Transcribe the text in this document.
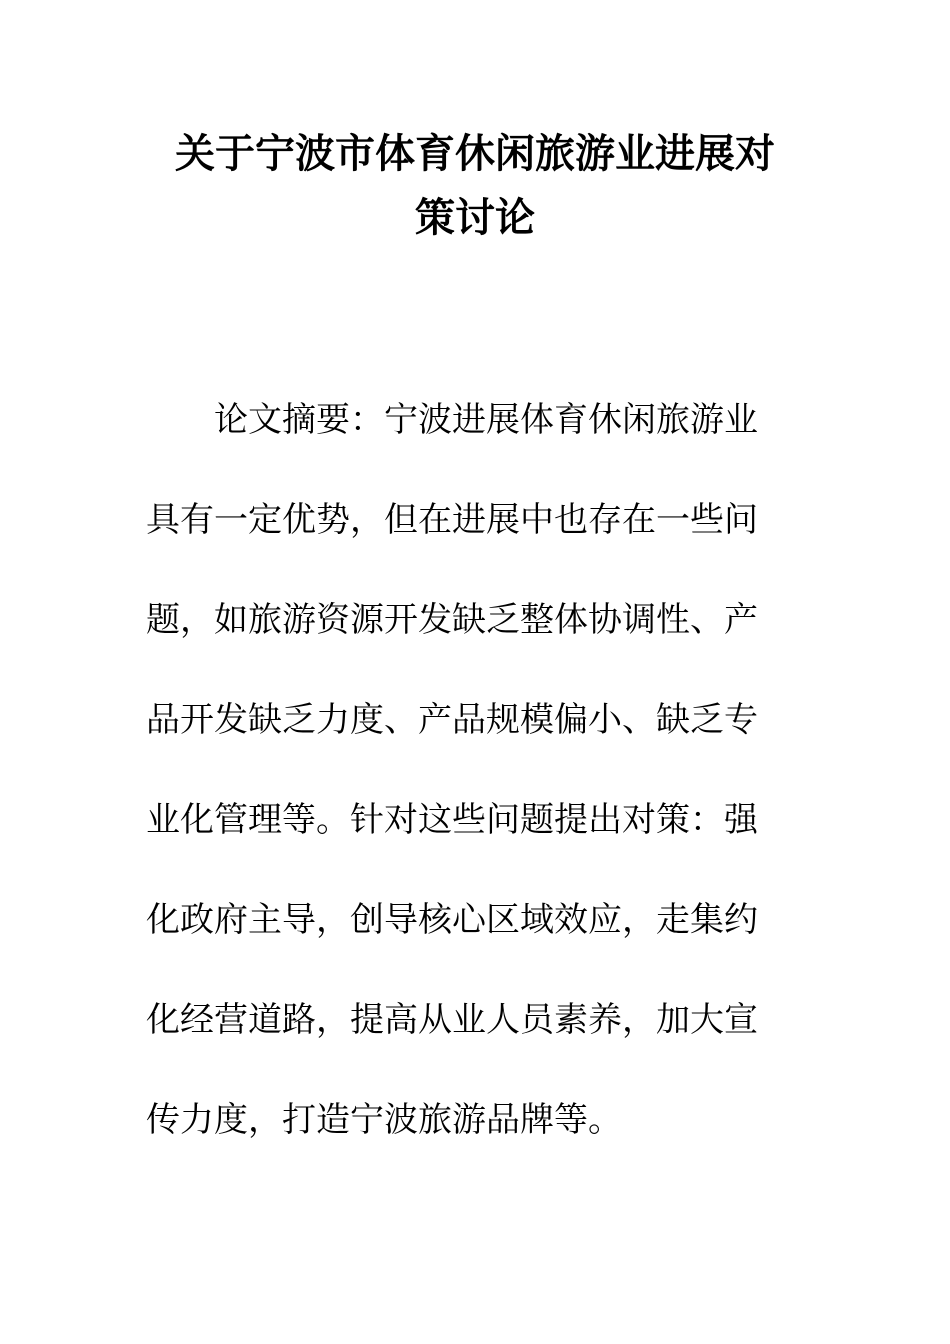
关于宁波市体育休闲旅游业进展对
策讨论
论文摘要：宁波进展体育休闲旅游业
具有一定优势，但在进展中也存在一些问
题，如旅游资源开发缺乏整体协调性、产
品开发缺乏力度、产品规模偏小、缺乏专
业化管理等。针对这些问题提出对策：强
化政府主导，创导核心区域效应，走集约
化经营道路，提高从业人员素养，加大宣
传力度，打造宁波旅游品牌等。
